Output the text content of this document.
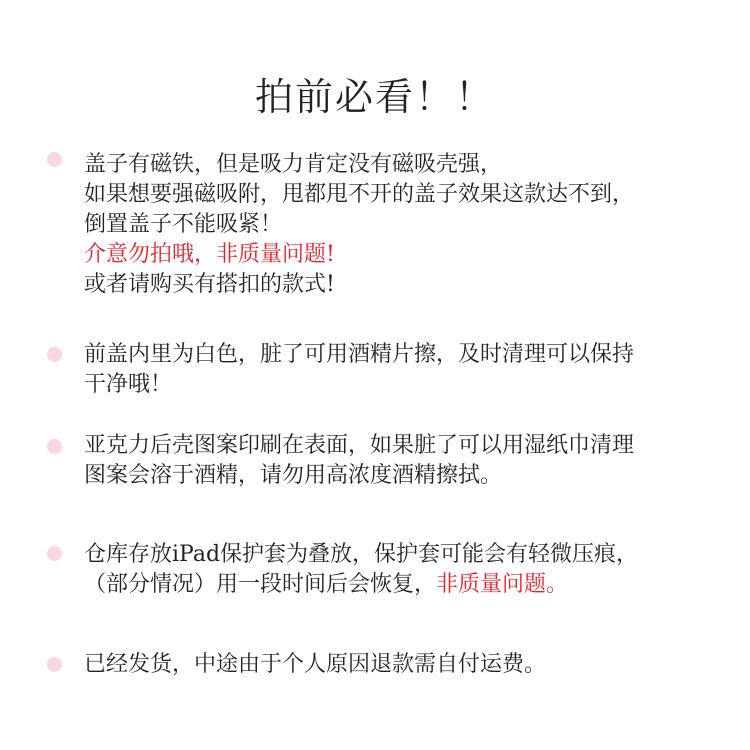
拍前必看！！
盖子有磁铁，但是吸力肯定没有磁吸壳强，
如果想要强磁吸附，甩都甩不开的盖子效果这款达不到，
倒置盖子不能吸紧！
介意勿拍哦，非质量问题!
或者请购买有搭扣的款式!
前盖内里为白色，脏了可用酒精片擦，及时清理可以保持
干净哦！
亚克力后壳图案印刷在表面，如果脏了可以用湿纸巾清理
图案会溶于酒精，请勿用高浓度酒精擦拭。
仓库存放iPad保护套为叠放，保护套可能会有轻微压痕，
（部分情况）用一段时间后会恢复，非质量问题。
已经发货，中途由于个人原因退款需自付运费。
